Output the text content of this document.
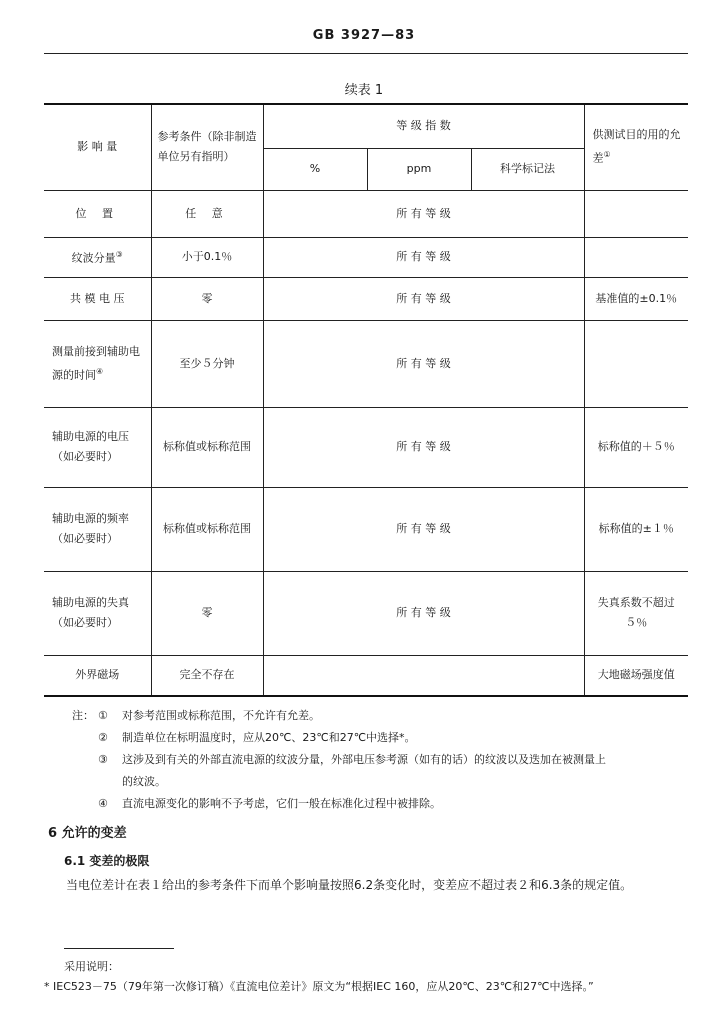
GB 3927—83
续表 1
影 响 量	参考条件（除非制造单位另有指明）	等 级 指 数			供测试目的用的允差①
		%	ppm	科学标记法	
位 置	任 意	所 有 等 级			
纹波分量③	小于0.1％	所 有 等 级			
共 模 电 压	零	所 有 等 级			基准值的±0.1％
测量前接到辅助电源的时间④	至少５分钟	所 有 等 级			
辅助电源的电压（如必要时）	标称值或标称范围	所 有 等 级			标称值的＋５％
辅助电源的频率（如必要时）	标称值或标称范围	所 有 等 级			标称值的±１％
辅助电源的失真（如必要时）	零	所 有 等 级			失真系数不超过５％
外界磁场	完全不存在				大地磁场强度值
注： ①	对参考范围或标称范围，不允许有允差。
②	制造单位在标明温度时，应从20℃、23℃和27℃中选择*。
③	这涉及到有关的外部直流电源的纹波分量，外部电压参考源（如有的话）的纹波以及迭加在被测量上
的纹波。
④	直流电源变化的影响不予考虑，它们一般在标准化过程中被排除。
6 允许的变差
6.1 变差的极限
当电位差计在表１给出的参考条件下而单个影响量按照6.2条变化时，变差应不超过表２和6.3条的规定值。
采用说明：
* IEC523－75（79年第一次修订稿）《直流电位差计》原文为“根据IEC 160，应从20℃、23℃和27℃中选择。”
